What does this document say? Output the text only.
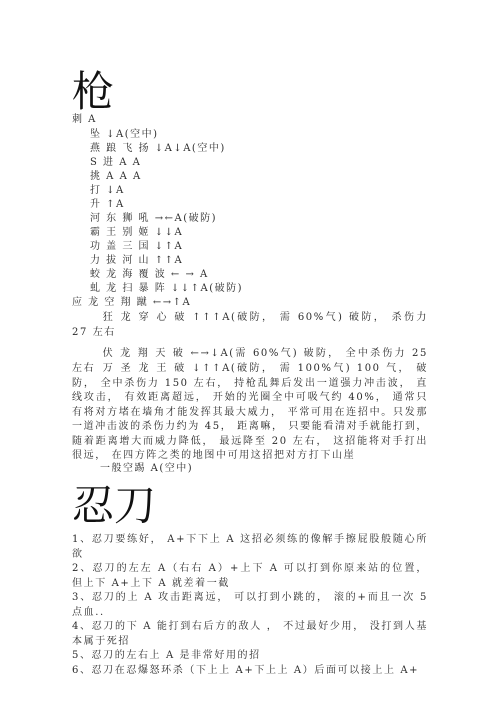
枪
刺 A
坠 ↓A(空中)
燕 踉 飞 扬 ↓A↓A(空中)
S 进 A A
挑 A A A
打 ↓A
升 ↑A
河 东 狮 吼 →←A(破防)
霸 王 别 姬 ↓↓A
功 盖 三 国 ↓↑A
力 拔 河 山 ↑↑A
蛟 龙 海 覆 波 ← → A
虬 龙 扫 暴 阵 ↓↓↑A(破防)
应 龙 空 翔 蹴 ←→↑A
狂 龙 穿 心 破 ↑↑↑A(破防， 需 60%气) 破防， 杀伤力 27 左右
伏 龙 翔 天 破 ←→↓A(需 60%气) 破防， 全中杀伤力 25 左右 万 圣 龙 王 破 ↓↑↑A(破防， 需 100%气) 100 气， 破防， 全中杀伤力 150 左右， 持枪乱舞后发出一道强力冲击波， 直线攻击， 有效距离超远， 开始的光圈全中可吸气约 40%， 通常只有将对方堵在墙角才能发挥其最大威力， 平常可用在连招中。只发那一道冲击波的杀伤力约为 45， 距离嘛， 只要能看清对手就能打到， 随着距离增大而威力降低， 最远降至 20 左右， 这招能将对手打出很远， 在四方阵之类的地图中可用这招把对方打下山崖
一般空踢 A(空中)
忍刀
1、忍刀要练好， A+下下上 A 这招必须练的像解手擦屁股般随心所欲
2、忍刀的左左 A（右右 A）+上下 A 可以打到你原来站的位置， 但上下 A+上下 A 就差着一截
3、忍刀的上 A 攻击距离远， 可以打到小跳的， 滚的+而且一次 5 点血..
4、忍刀的下 A 能打到右后方的敌人 ， 不过最好少用， 没打到人基本属于死招
5、忍刀的左右上 A 是非常好用的招
6、忍刀在忍爆怒环杀（下上上 A+下上上 A）后面可以接上上 A+
